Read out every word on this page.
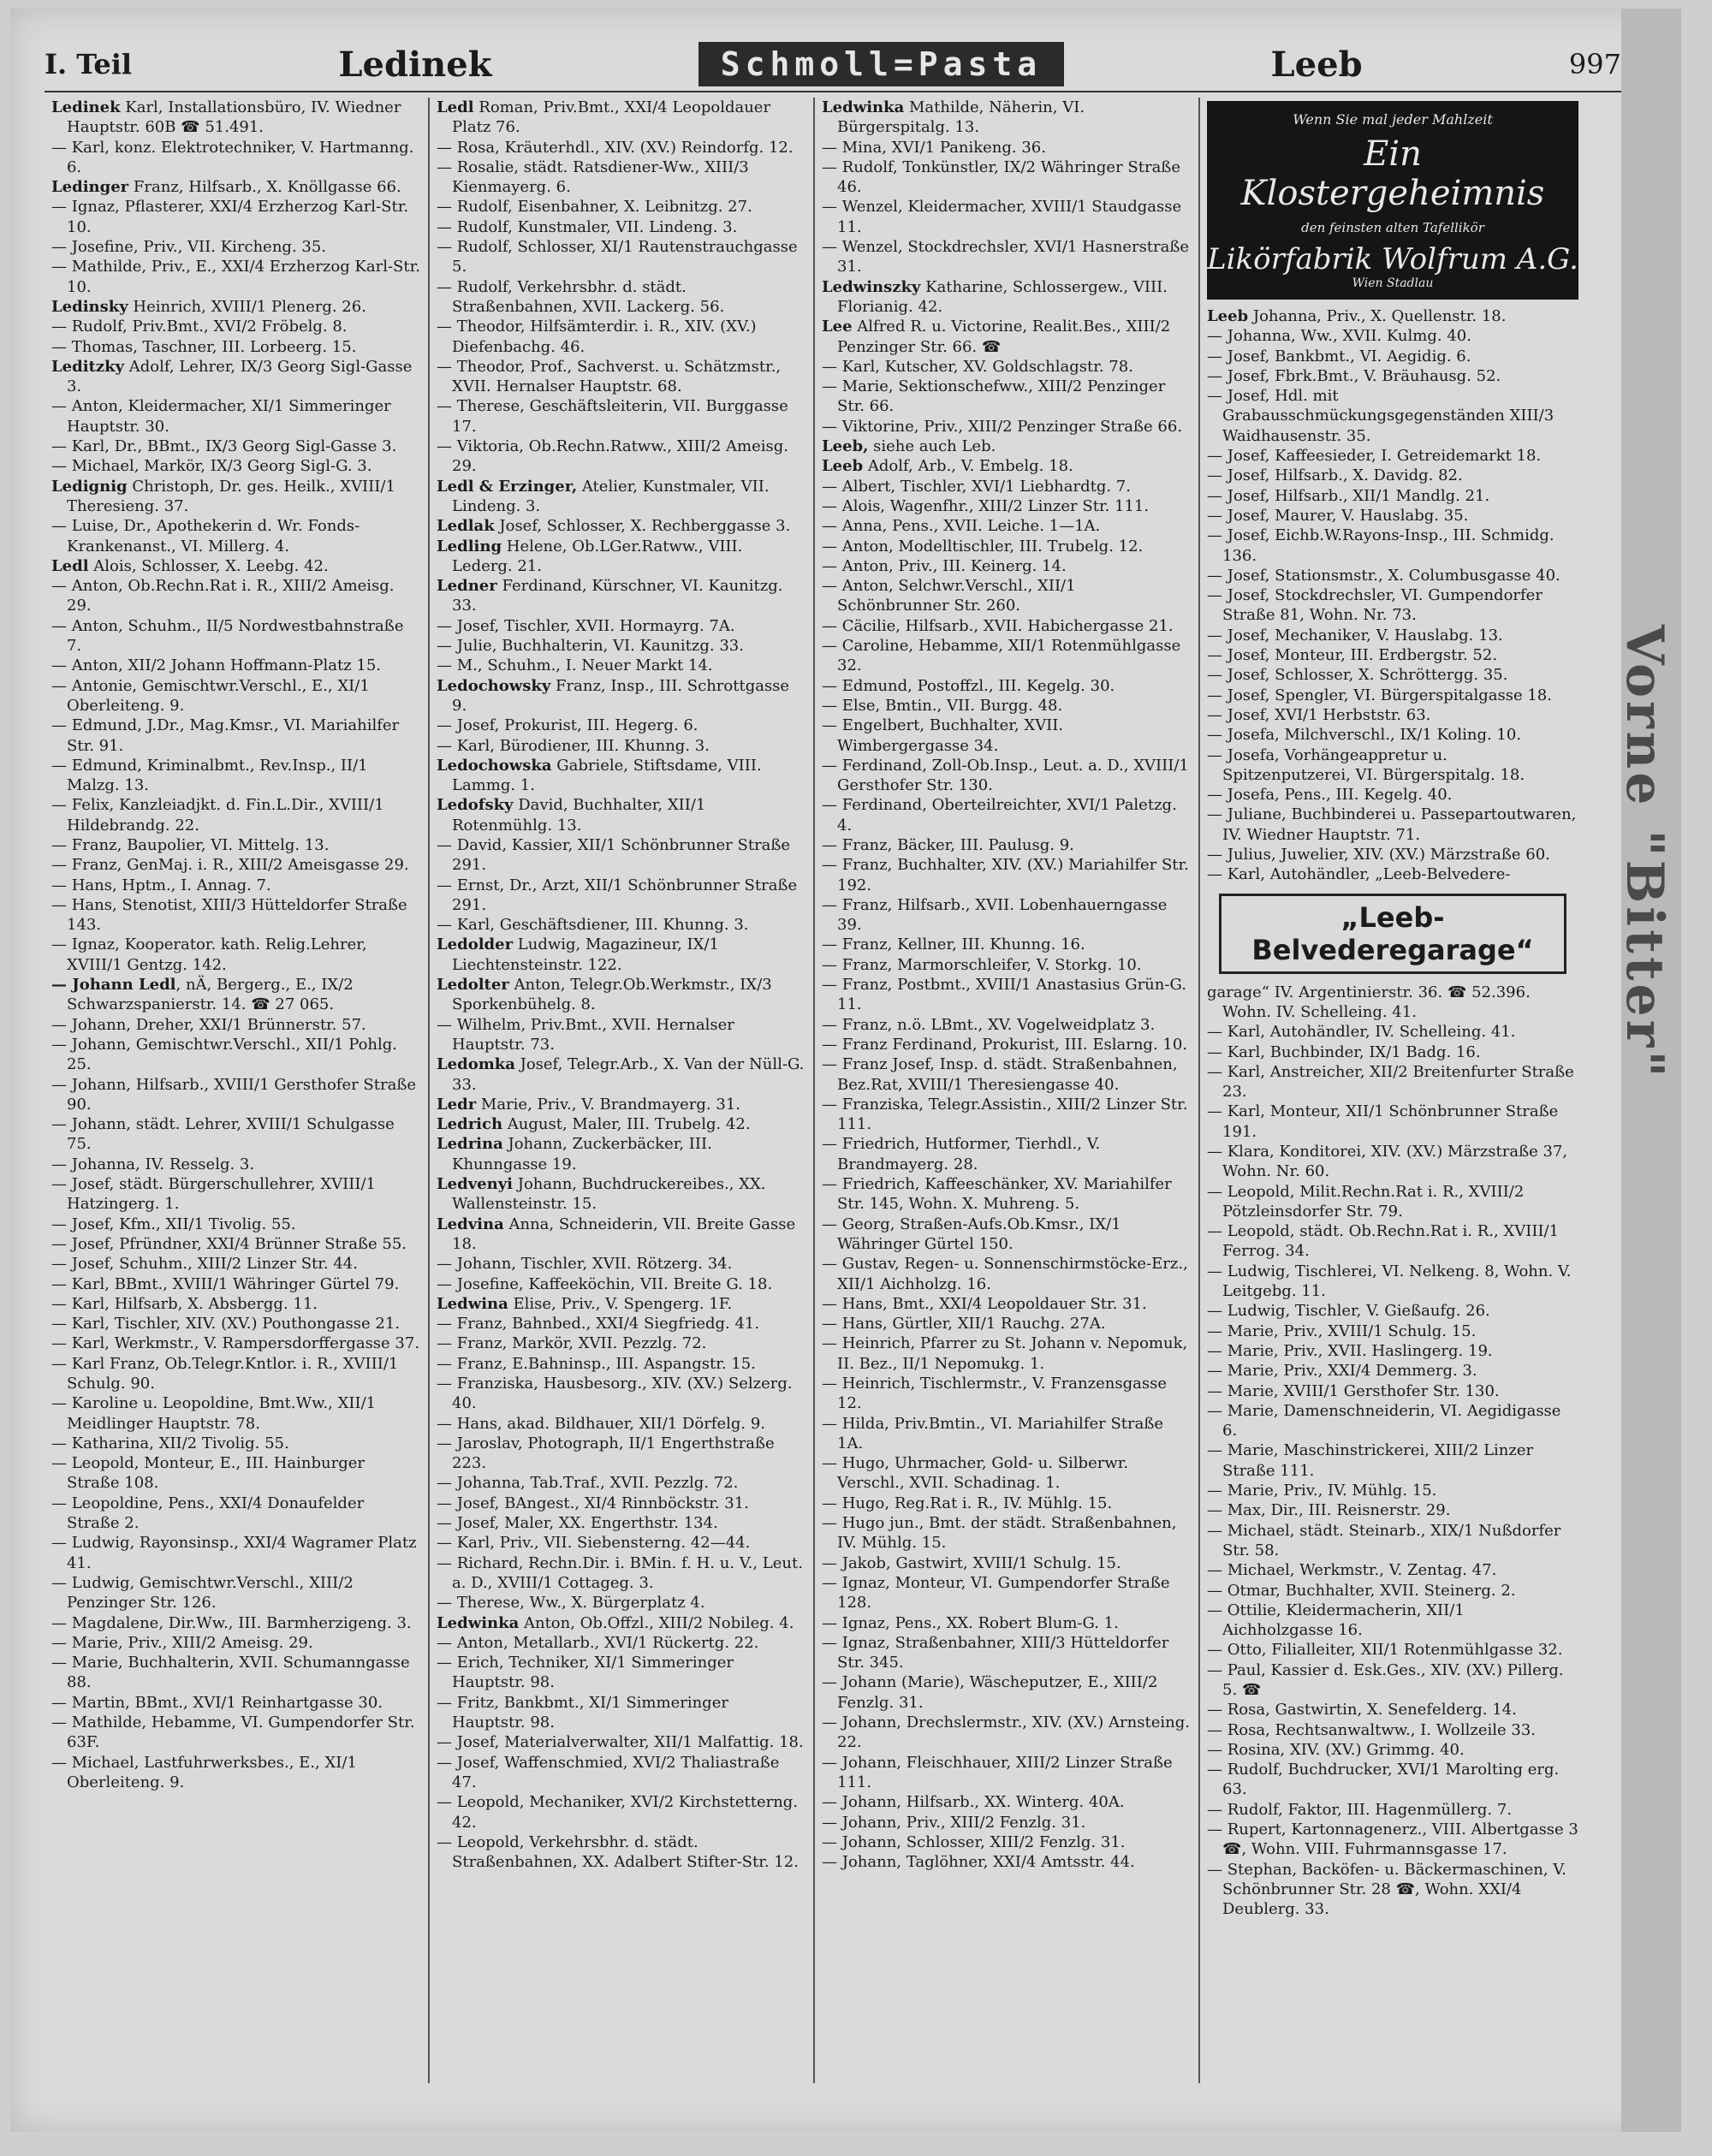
I. Teil	Ledinek	Schmoll=Pasta	Leeb	997

Ledinek Karl, Installationsbüro, IV. Wiedner Hauptstr. 60B ☎ 51.491.

— Karl, konz. Elektrotechniker, V. Hartmanng. 6.

Ledinger Franz, Hilfsarb., X. Knöllgasse 66.

— Ignaz, Pflasterer, XXI/4 Erzherzog Karl-Str. 10.

— Josefine, Priv., VII. Kircheng. 35.

— Mathilde, Priv., E., XXI/4 Erzherzog Karl-Str. 10.

Ledinsky Heinrich, XVIII/1 Plenerg. 26.

— Rudolf, Priv.Bmt., XVI/2 Fröbelg. 8.

— Thomas, Taschner, III. Lorbeerg. 15.

Leditzky Adolf, Lehrer, IX/3 Georg Sigl-Gasse 3.

— Anton, Kleidermacher, XI/1 Simmeringer Hauptstr. 30.

— Karl, Dr., BBmt., IX/3 Georg Sigl-Gasse 3.

— Michael, Markör, IX/3 Georg Sigl-G. 3.

Ledignig Christoph, Dr. ges. Heilk., XVIII/1 Theresieng. 37.

— Luise, Dr., Apothekerin d. Wr. Fonds-Krankenanst., VI. Millerg. 4.

Ledl Alois, Schlosser, X. Leebg. 42.

— Anton, Ob.Rechn.Rat i. R., XIII/2 Ameisg. 29.

— Anton, Schuhm., II/5 Nordwestbahnstraße 7.

— Anton, XII/2 Johann Hoffmann-Platz 15.

— Antonie, Gemischtwr.Verschl., E., XI/1 Oberleiteng. 9.

— Edmund, J.Dr., Mag.Kmsr., VI. Mariahilfer Str. 91.

— Edmund, Kriminalbmt., Rev.Insp., II/1 Malzg. 13.

— Felix, Kanzleiadjkt. d. Fin.L.Dir., XVIII/1 Hildebrandg. 22.

— Franz, Baupolier, VI. Mittelg. 13.

— Franz, GenMaj. i. R., XIII/2 Ameisgasse 29.

— Hans, Hptm., I. Annag. 7.

— Hans, Stenotist, XIII/3 Hütteldorfer Straße 143.

— Ignaz, Kooperator. kath. Relig.Lehrer, XVIII/1 Gentzg. 142.

— Johann Ledl, nÄ, Bergerg., E., IX/2 Schwarzspanierstr. 14. ☎ 27 065.

— Johann, Dreher, XXI/1 Brünnerstr. 57.

— Johann, Gemischtwr.Verschl., XII/1 Pohlg. 25.

— Johann, Hilfsarb., XVIII/1 Gersthofer Straße 90.

— Johann, städt. Lehrer, XVIII/1 Schulgasse 75.

— Johanna, IV. Resselg. 3.

— Josef, städt. Bürgerschullehrer, XVIII/1 Hatzingerg. 1.

— Josef, Kfm., XII/1 Tivolig. 55.

— Josef, Pfründner, XXI/4 Brünner Straße 55.

— Josef, Schuhm., XIII/2 Linzer Str. 44.

— Karl, BBmt., XVIII/1 Währinger Gürtel 79.

— Karl, Hilfsarb, X. Absbergg. 11.

— Karl, Tischler, XIV. (XV.) Pouthongasse 21.

— Karl, Werkmstr., V. Rampersdorffergasse 37.

— Karl Franz, Ob.Telegr.Kntlor. i. R., XVIII/1 Schulg. 90.

— Karoline u. Leopoldine, Bmt.Ww., XII/1 Meidlinger Hauptstr. 78.

— Katharina, XII/2 Tivolig. 55.

— Leopold, Monteur, E., III. Hainburger Straße 108.

— Leopoldine, Pens., XXI/4 Donaufelder Straße 2.

— Ludwig, Rayonsinsp., XXI/4 Wagramer Platz 41.

— Ludwig, Gemischtwr.Verschl., XIII/2 Penzinger Str. 126.

— Magdalene, Dir.Ww., III. Barmherzigeng. 3.

— Marie, Priv., XIII/2 Ameisg. 29.

— Marie, Buchhalterin, XVII. Schumanngasse 88.

— Martin, BBmt., XVI/1 Reinhartgasse 30.

— Mathilde, Hebamme, VI. Gumpendorfer Str. 63F.

— Michael, Lastfuhrwerksbes., E., XI/1 Oberleiteng. 9.

Ledl Roman, Priv.Bmt., XXI/4 Leopoldauer Platz 76.

— Rosa, Kräuterhdl., XIV. (XV.) Reindorfg. 12.

— Rosalie, städt. Ratsdiener-Ww., XIII/3 Kienmayerg. 6.

— Rudolf, Eisenbahner, X. Leibnitzg. 27.

— Rudolf, Kunstmaler, VII. Lindeng. 3.

— Rudolf, Schlosser, XI/1 Rautenstrauchgasse 5.

— Rudolf, Verkehrsbhr. d. städt. Straßenbahnen, XVII. Lackerg. 56.

— Theodor, Hilfsämterdir. i. R., XIV. (XV.) Diefenbachg. 46.

— Theodor, Prof., Sachverst. u. Schätzmstr., XVII. Hernalser Hauptstr. 68.

— Therese, Geschäftsleiterin, VII. Burggasse 17.

— Viktoria, Ob.Rechn.Ratww., XIII/2 Ameisg. 29.

Ledl & Erzinger, Atelier, Kunstmaler, VII. Lindeng. 3.

Ledlak Josef, Schlosser, X. Rechberggasse 3.

Ledling Helene, Ob.LGer.Ratww., VIII. Lederg. 21.

Ledner Ferdinand, Kürschner, VI. Kaunitzg. 33.

— Josef, Tischler, XVII. Hormayrg. 7A.

— Julie, Buchhalterin, VI. Kaunitzg. 33.

— M., Schuhm., I. Neuer Markt 14.

Ledochowsky Franz, Insp., III. Schrottgasse 9.

— Josef, Prokurist, III. Hegerg. 6.

— Karl, Bürodiener, III. Khunng. 3.

Ledochowska Gabriele, Stiftsdame, VIII. Lammg. 1.

Ledofsky David, Buchhalter, XII/1 Rotenmühlg. 13.

— David, Kassier, XII/1 Schönbrunner Straße 291.

— Ernst, Dr., Arzt, XII/1 Schönbrunner Straße 291.

— Karl, Geschäftsdiener, III. Khunng. 3.

Ledolder Ludwig, Magazineur, IX/1 Liechtensteinstr. 122.

Ledolter Anton, Telegr.Ob.Werkmstr., IX/3 Sporkenbühelg. 8.

— Wilhelm, Priv.Bmt., XVII. Hernalser Hauptstr. 73.

Ledomka Josef, Telegr.Arb., X. Van der Nüll-G. 33.

Ledr Marie, Priv., V. Brandmayerg. 31.

Ledrich August, Maler, III. Trubelg. 42.

Ledrina Johann, Zuckerbäcker, III. Khunngasse 19.

Ledvenyi Johann, Buchdruckereibes., XX. Wallensteinstr. 15.

Ledvina Anna, Schneiderin, VII. Breite Gasse 18.

— Johann, Tischler, XVII. Rötzerg. 34.

— Josefine, Kaffeeköchin, VII. Breite G. 18.

Ledwina Elise, Priv., V. Spengerg. 1F.

— Franz, Bahnbed., XXI/4 Siegfriedg. 41.

— Franz, Markör, XVII. Pezzlg. 72.

— Franz, E.Bahninsp., III. Aspangstr. 15.

— Franziska, Hausbesorg., XIV. (XV.) Selzerg. 40.

— Hans, akad. Bildhauer, XII/1 Dörfelg. 9.

— Jaroslav, Photograph, II/1 Engerthstraße 223.

— Johanna, Tab.Traf., XVII. Pezzlg. 72.

— Josef, BAngest., XI/4 Rinnböckstr. 31.

— Josef, Maler, XX. Engerthstr. 134.

— Karl, Priv., VII. Siebensterng. 42—44.

— Richard, Rechn.Dir. i. BMin. f. H. u. V., Leut. a. D., XVIII/1 Cottageg. 3.

— Therese, Ww., X. Bürgerplatz 4.

Ledwinka Anton, Ob.Offzl., XIII/2 Nobileg. 4.

— Anton, Metallarb., XVI/1 Rückertg. 22.

— Erich, Techniker, XI/1 Simmeringer Hauptstr. 98.

— Fritz, Bankbmt., XI/1 Simmeringer Hauptstr. 98.

— Josef, Materialverwalter, XII/1 Malfattig. 18.

— Josef, Waffenschmied, XVI/2 Thaliastraße 47.

— Leopold, Mechaniker, XVI/2 Kirchstetterng. 42.

— Leopold, Verkehrsbhr. d. städt. Straßenbahnen, XX. Adalbert Stifter-Str. 12.

Ledwinka Mathilde, Näherin, VI. Bürgerspitalg. 13.

— Mina, XVI/1 Panikeng. 36.

— Rudolf, Tonkünstler, IX/2 Währinger Straße 46.

— Wenzel, Kleidermacher, XVIII/1 Staudgasse 11.

— Wenzel, Stockdrechsler, XVI/1 Hasnerstraße 31.

Ledwinszky Katharine, Schlossergew., VIII. Florianig. 42.

Lee Alfred R. u. Victorine, Realit.Bes., XIII/2 Penzinger Str. 66. ☎

— Karl, Kutscher, XV. Goldschlagstr. 78.

— Marie, Sektionschefww., XIII/2 Penzinger Str. 66.

— Viktorine, Priv., XIII/2 Penzinger Straße 66.

Leeb, siehe auch Leb.

Leeb Adolf, Arb., V. Embelg. 18.

— Albert, Tischler, XVI/1 Liebhardtg. 7.

— Alois, Wagenfhr., XIII/2 Linzer Str. 111.

— Anna, Pens., XVII. Leiche. 1—1A.

— Anton, Modelltischler, III. Trubelg. 12.

— Anton, Priv., III. Keinerg. 14.

— Anton, Selchwr.Verschl., XII/1 Schönbrunner Str. 260.

— Cäcilie, Hilfsarb., XVII. Habichergasse 21.

— Caroline, Hebamme, XII/1 Rotenmühlgasse 32.

— Edmund, Postoffzl., III. Kegelg. 30.

— Else, Bmtin., VII. Burgg. 48.

— Engelbert, Buchhalter, XVII. Wimbergergasse 34.

— Ferdinand, Zoll-Ob.Insp., Leut. a. D., XVIII/1 Gersthofer Str. 130.

— Ferdinand, Oberteilreichter, XVI/1 Paletzg. 4.

— Franz, Bäcker, III. Paulusg. 9.

— Franz, Buchhalter, XIV. (XV.) Mariahilfer Str. 192.

— Franz, Hilfsarb., XVII. Lobenhauerngasse 39.

— Franz, Kellner, III. Khunng. 16.

— Franz, Marmorschleifer, V. Storkg. 10.

— Franz, Postbmt., XVIII/1 Anastasius Grün-G. 11.

— Franz, n.ö. LBmt., XV. Vogelweidplatz 3.

— Franz Ferdinand, Prokurist, III. Eslarng. 10.

— Franz Josef, Insp. d. städt. Straßenbahnen, Bez.Rat, XVIII/1 Theresiengasse 40.

— Franziska, Telegr.Assistin., XIII/2 Linzer Str. 111.

— Friedrich, Hutformer, Tierhdl., V. Brandmayerg. 28.

— Friedrich, Kaffeeschänker, XV. Mariahilfer Str. 145, Wohn. X. Muhreng. 5.

— Georg, Straßen-Aufs.Ob.Kmsr., IX/1 Währinger Gürtel 150.

— Gustav, Regen- u. Sonnenschirmstöcke-Erz., XII/1 Aichholzg. 16.

— Hans, Bmt., XXI/4 Leopoldauer Str. 31.

— Hans, Gürtler, XII/1 Rauchg. 27A.

— Heinrich, Pfarrer zu St. Johann v. Nepomuk, II. Bez., II/1 Nepomukg. 1.

— Heinrich, Tischlermstr., V. Franzensgasse 12.

— Hilda, Priv.Bmtin., VI. Mariahilfer Straße 1A.

— Hugo, Uhrmacher, Gold- u. Silberwr. Verschl., XVII. Schadinag. 1.

— Hugo, Reg.Rat i. R., IV. Mühlg. 15.

— Hugo jun., Bmt. der städt. Straßenbahnen, IV. Mühlg. 15.

— Jakob, Gastwirt, XVIII/1 Schulg. 15.

— Ignaz, Monteur, VI. Gumpendorfer Straße 128.

— Ignaz, Pens., XX. Robert Blum-G. 1.

— Ignaz, Straßenbahner, XIII/3 Hütteldorfer Str. 345.

— Johann (Marie), Wäscheputzer, E., XIII/2 Fenzlg. 31.

— Johann, Drechslermstr., XIV. (XV.) Arnsteing. 22.

— Johann, Fleischhauer, XIII/2 Linzer Straße 111.

— Johann, Hilfsarb., XX. Winterg. 40A.

— Johann, Priv., XIII/2 Fenzlg. 31.

— Johann, Schlosser, XIII/2 Fenzlg. 31.

— Johann, Taglöhner, XXI/4 Amtsstr. 44.

Wenn Sie mal jeder Mahlzeit
Ein Klostergeheimnis
den feinsten alten Tafellikör
Likörfabrik Wolfrum A.G.
Wien Stadlau

Leeb Johanna, Priv., X. Quellenstr. 18.

— Johanna, Ww., XVII. Kulmg. 40.

— Josef, Bankbmt., VI. Aegidig. 6.

— Josef, Fbrk.Bmt., V. Bräuhausg. 52.

— Josef, Hdl. mit Grabausschmückungsgegenständen XIII/3 Waidhausenstr. 35.

— Josef, Kaffeesieder, I. Getreidemarkt 18.

— Josef, Hilfsarb., X. Davidg. 82.

— Josef, Hilfsarb., XII/1 Mandlg. 21.

— Josef, Maurer, V. Hauslabg. 35.

— Josef, Eichb.W.Rayons-Insp., III. Schmidg. 136.

— Josef, Stationsmstr., X. Columbusgasse 40.

— Josef, Stockdrechsler, VI. Gumpendorfer Straße 81, Wohn. Nr. 73.

— Josef, Mechaniker, V. Hauslabg. 13.

— Josef, Monteur, III. Erdbergstr. 52.

— Josef, Schlosser, X. Schröttergg. 35.

— Josef, Spengler, VI. Bürgerspitalgasse 18.

— Josef, XVI/1 Herbststr. 63.

— Josefa, Milchverschl., IX/1 Koling. 10.

— Josefa, Vorhängeappretur u. Spitzenputzerei, VI. Bürgerspitalg. 18.

— Josefa, Pens., III. Kegelg. 40.

— Juliane, Buchbinderei u. Passepartoutwaren, IV. Wiedner Hauptstr. 71.

— Julius, Juwelier, XIV. (XV.) Märzstraße 60.

— Karl, Autohändler, „Leeb-Belvedere-

„Leeb-Belvederegarage“

garage“ IV. Argentinierstr. 36. ☎ 52.396. Wohn. IV. Schelleing. 41.

— Karl, Autohändler, IV. Schelleing. 41.

— Karl, Buchbinder, IX/1 Badg. 16.

— Karl, Anstreicher, XII/2 Breitenfurter Straße 23.

— Karl, Monteur, XII/1 Schönbrunner Straße 191.

— Klara, Konditorei, XIV. (XV.) Märzstraße 37, Wohn. Nr. 60.

— Leopold, Milit.Rechn.Rat i. R., XVIII/2 Pötzleinsdorfer Str. 79.

— Leopold, städt. Ob.Rechn.Rat i. R., XVIII/1 Ferrog. 34.

— Ludwig, Tischlerei, VI. Nelkeng. 8, Wohn. V. Leitgebg. 11.

— Ludwig, Tischler, V. Gießaufg. 26.

— Marie, Priv., XVIII/1 Schulg. 15.

— Marie, Priv., XVII. Haslingerg. 19.

— Marie, Priv., XXI/4 Demmerg. 3.

— Marie, XVIII/1 Gersthofer Str. 130.

— Marie, Damenschneiderin, VI. Aegidigasse 6.

— Marie, Maschinstrickerei, XIII/2 Linzer Straße 111.

— Marie, Priv., IV. Mühlg. 15.

— Max, Dir., III. Reisnerstr. 29.

— Michael, städt. Steinarb., XIX/1 Nußdorfer Str. 58.

— Michael, Werkmstr., V. Zentag. 47.

— Otmar, Buchhalter, XVII. Steinerg. 2.

— Ottilie, Kleidermacherin, XII/1 Aichholzgasse 16.

— Otto, Filialleiter, XII/1 Rotenmühlgasse 32.

— Paul, Kassier d. Esk.Ges., XIV. (XV.) Pillerg. 5. ☎

— Rosa, Gastwirtin, X. Senefelderg. 14.

— Rosa, Rechtsanwaltww., I. Wollzeile 33.

— Rosina, XIV. (XV.) Grimmg. 40.

— Rudolf, Buchdrucker, XVI/1 Marolting erg. 63.

— Rudolf, Faktor, III. Hagenmüllerg. 7.

— Rupert, Kartonnagenerz., VIII. Albertgasse 3 ☎, Wohn. VIII. Fuhrmannsgasse 17.

— Stephan, Backöfen- u. Bäckermaschinen, V. Schönbrunner Str. 28 ☎, Wohn. XXI/4 Deublerg. 33.

Vorne "Bitter"
